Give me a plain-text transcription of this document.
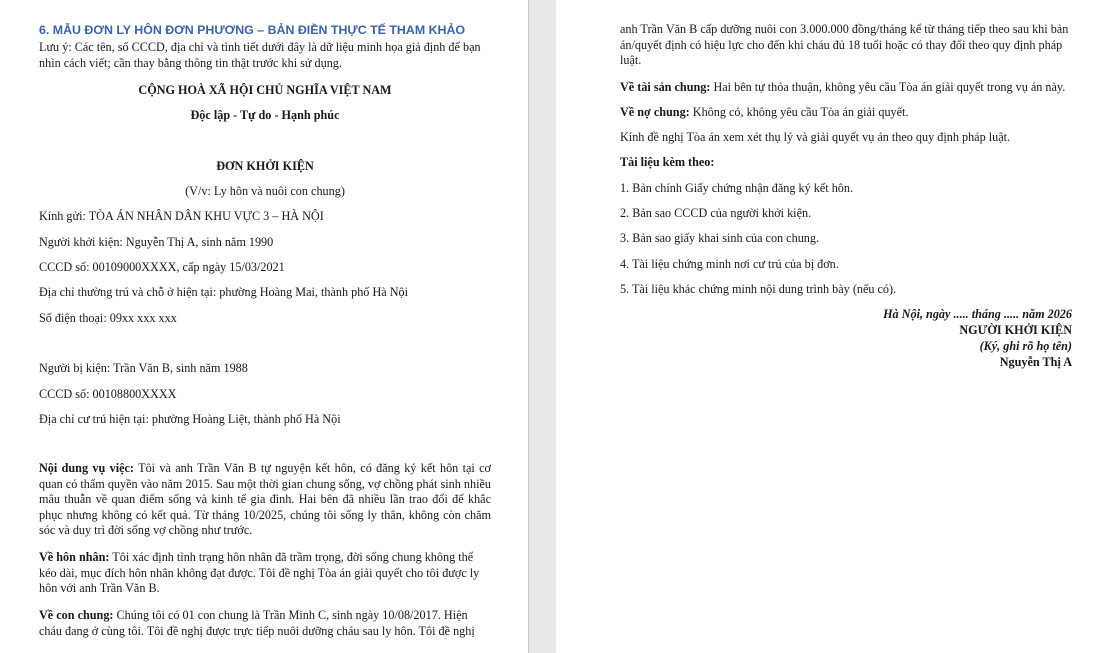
6. MẪU ĐƠN LY HÔN ĐƠN PHƯƠNG – BẢN ĐIỀN THỰC TẾ THAM KHẢO
Lưu ý: Các tên, số CCCD, địa chỉ và tình tiết dưới đây là dữ liệu minh họa giả định để bạn nhìn cách viết; cần thay bằng thông tin thật trước khi sử dụng.
CỘNG HOÀ XÃ HỘI CHỦ NGHĨA VIỆT NAM
Độc lập - Tự do - Hạnh phúc
ĐƠN KHỞI KIỆN
(V/v: Ly hôn và nuôi con chung)
Kính gửi: TÒA ÁN NHÂN DÂN KHU VỰC 3 – HÀ NỘI
Người khởi kiện: Nguyễn Thị A, sinh năm 1990
CCCD số: 00109000XXXX, cấp ngày 15/03/2021
Địa chỉ thường trú và chỗ ở hiện tại: phường Hoàng Mai, thành phố Hà Nội
Số điện thoại: 09xx xxx xxx
Người bị kiện: Trần Văn B, sinh năm 1988
CCCD số: 00108800XXXX
Địa chỉ cư trú hiện tại: phường Hoàng Liệt, thành phố Hà Nội
Nội dung vụ việc: Tôi và anh Trần Văn B tự nguyện kết hôn, có đăng ký kết hôn tại cơ quan có thẩm quyền vào năm 2015. Sau một thời gian chung sống, vợ chồng phát sinh nhiều mâu thuẫn về quan điểm sống và kinh tế gia đình. Hai bên đã nhiều lần trao đổi để khắc phục nhưng không có kết quả. Từ tháng 10/2025, chúng tôi sống ly thân, không còn chăm sóc và duy trì đời sống vợ chồng như trước.
Về hôn nhân: Tôi xác định tình trạng hôn nhân đã trầm trọng, đời sống chung không thể kéo dài, mục đích hôn nhân không đạt được. Tôi đề nghị Tòa án giải quyết cho tôi được ly hôn với anh Trần Văn B.
Về con chung: Chúng tôi có 01 con chung là Trần Minh C, sinh ngày 10/08/2017. Hiện cháu đang ở cùng tôi. Tôi đề nghị được trực tiếp nuôi dưỡng cháu sau ly hôn. Tôi đề nghị
anh Trần Văn B cấp dưỡng nuôi con 3.000.000 đồng/tháng kể từ tháng tiếp theo sau khi bản án/quyết định có hiệu lực cho đến khi cháu đủ 18 tuổi hoặc có thay đổi theo quy định pháp luật.
Về tài sản chung: Hai bên tự thỏa thuận, không yêu cầu Tòa án giải quyết trong vụ án này.
Về nợ chung: Không có, không yêu cầu Tòa án giải quyết.
Kính đề nghị Tòa án xem xét thụ lý và giải quyết vụ án theo quy định pháp luật.
Tài liệu kèm theo:
1. Bản chính Giấy chứng nhận đăng ký kết hôn.
2. Bản sao CCCD của người khởi kiện.
3. Bản sao giấy khai sinh của con chung.
4. Tài liệu chứng minh nơi cư trú của bị đơn.
5. Tài liệu khác chứng minh nội dung trình bày (nếu có).
Hà Nội, ngày ..... tháng ..... năm 2026
NGƯỜI KHỞI KIỆN
(Ký, ghi rõ họ tên)
Nguyễn Thị A
